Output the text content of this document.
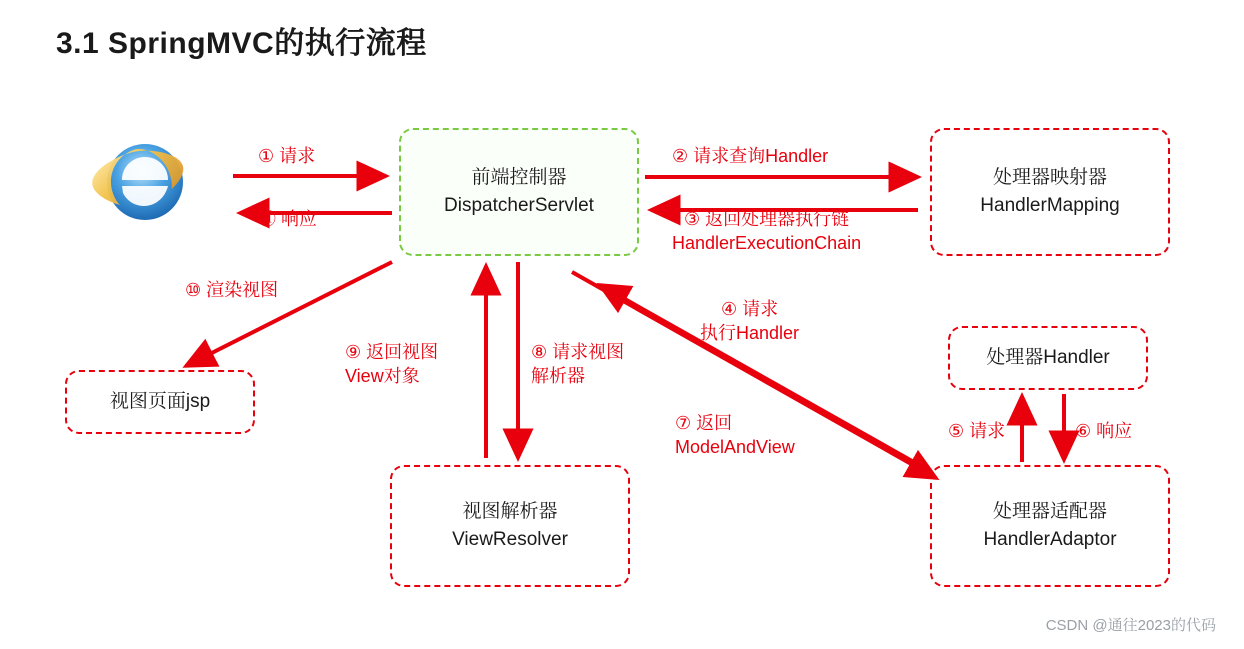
3.1 SpringMVC的执行流程
前端控制器
DispatcherServlet
处理器映射器
HandlerMapping
处理器Handler
处理器适配器
HandlerAdaptor
视图解析器
ViewResolver
视图页面jsp
① 请求
⑪ 响应
② 请求查询Handler
③ 返回处理器执行链
HandlerExecutionChain
④ 请求
执行Handler
⑤ 请求	⑥ 响应
⑦ 返回
ModelAndView
⑧ 请求视图
解析器
⑨ 返回视图
View对象
⑩ 渲染视图
CSDN @通往2023的代码
